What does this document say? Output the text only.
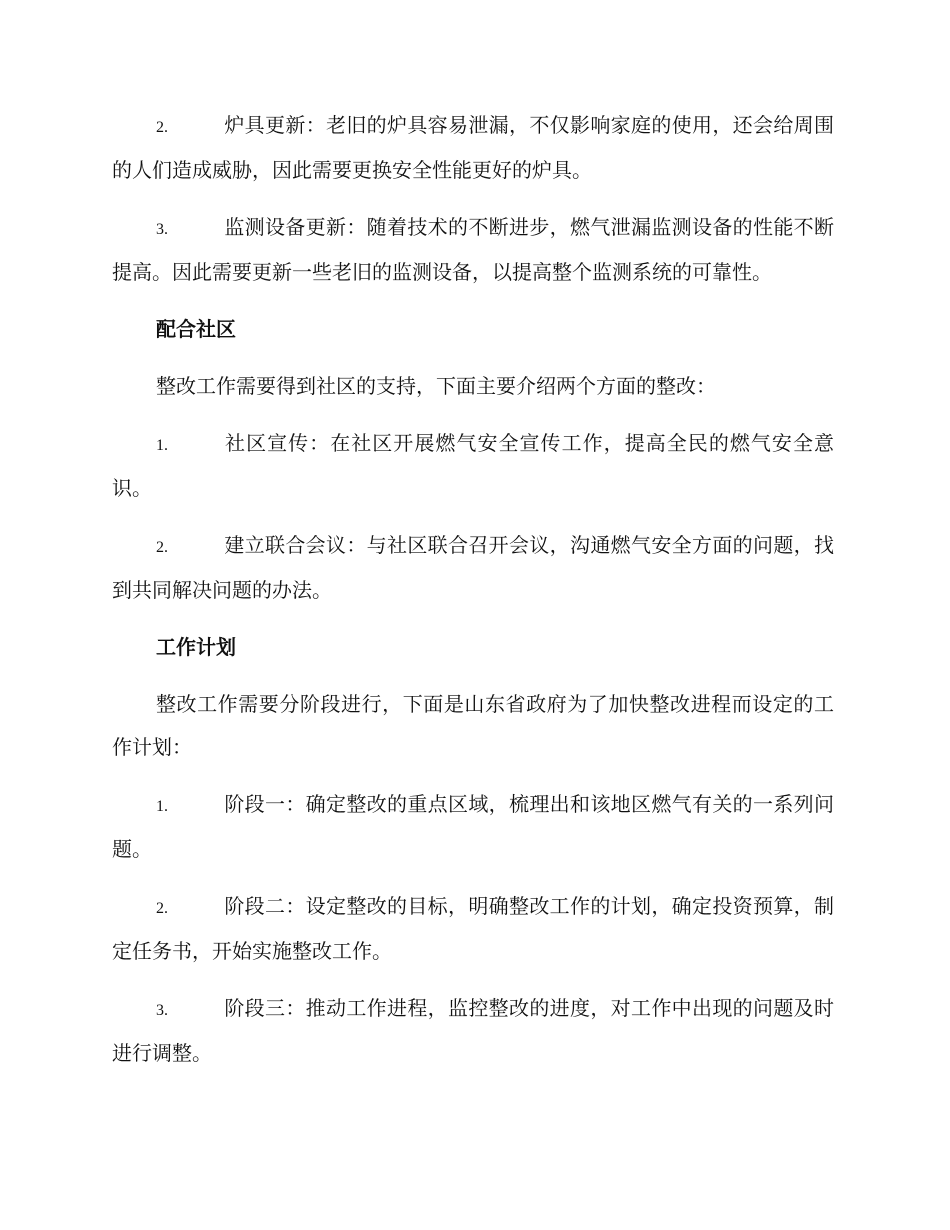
2.	炉具更新：老旧的炉具容易泄漏，不仅影响家庭的使用，还会给周围的人们造成威胁，因此需要更换安全性能更好的炉具。

3.	监测设备更新：随着技术的不断进步，燃气泄漏监测设备的性能不断提高。因此需要更新一些老旧的监测设备，以提高整个监测系统的可靠性。

配合社区

整改工作需要得到社区的支持，下面主要介绍两个方面的整改：

1.	社区宣传：在社区开展燃气安全宣传工作，提高全民的燃气安全意识。

2.	建立联合会议：与社区联合召开会议，沟通燃气安全方面的问题，找到共同解决问题的办法。

工作计划

整改工作需要分阶段进行，下面是山东省政府为了加快整改进程而设定的工作计划：

1.	阶段一：确定整改的重点区域，梳理出和该地区燃气有关的一系列问题。

2.	阶段二：设定整改的目标，明确整改工作的计划，确定投资预算，制定任务书，开始实施整改工作。

3.	阶段三：推动工作进程，监控整改的进度，对工作中出现的问题及时进行调整。
